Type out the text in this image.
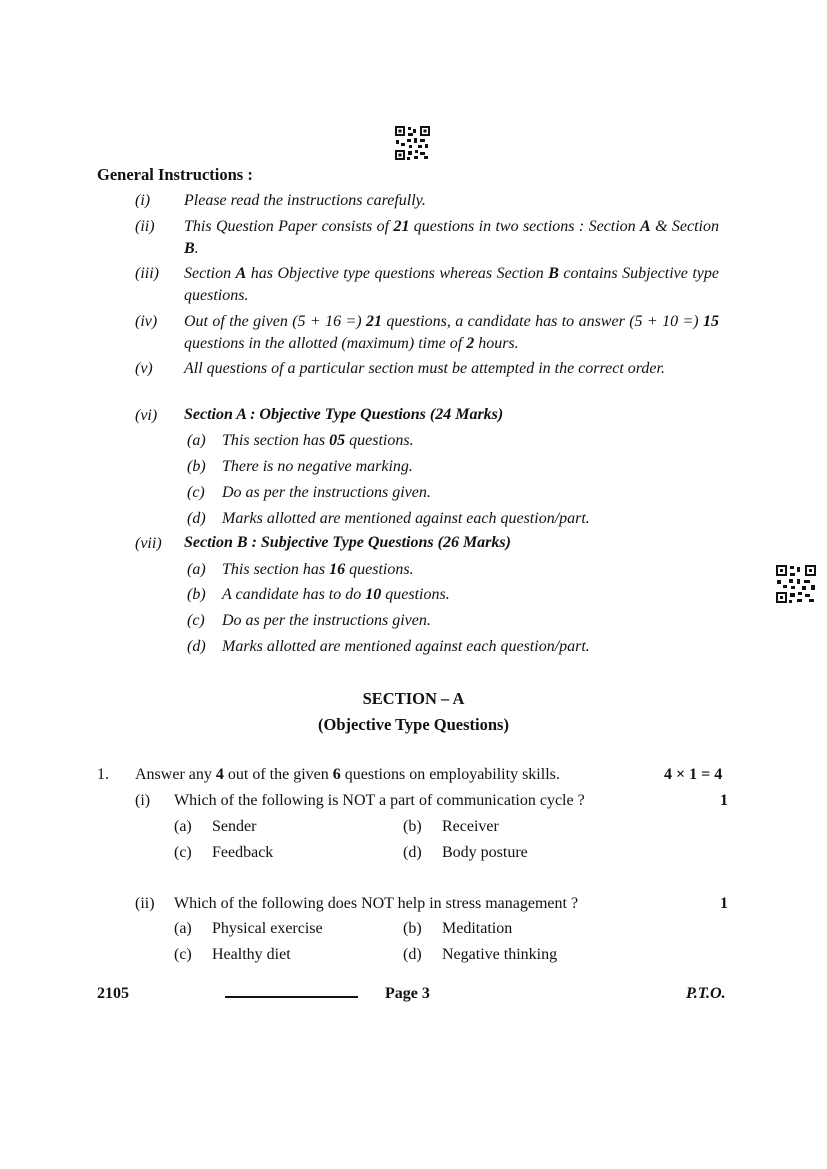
General Instructions :
(i) Please read the instructions carefully.
(ii) This Question Paper consists of 21 questions in two sections : Section A & Section B.
(iii) Section A has Objective type questions whereas Section B contains Subjective type questions.
(iv) Out of the given (5 + 16 =) 21 questions, a candidate has to answer (5 + 10 =) 15 questions in the allotted (maximum) time of 2 hours.
(v) All questions of a particular section must be attempted in the correct order.
(vi) Section A : Objective Type Questions (24 Marks)
(a) This section has 05 questions.
(b) There is no negative marking.
(c) Do as per the instructions given.
(d) Marks allotted are mentioned against each question/part.
(vii) Section B : Subjective Type Questions (26 Marks)
(a) This section has 16 questions.
(b) A candidate has to do 10 questions.
(c) Do as per the instructions given.
(d) Marks allotted are mentioned against each question/part.
SECTION – A
(Objective Type Questions)
1. Answer any 4 out of the given 6 questions on employability skills.	4 × 1 = 4
(i) Which of the following is NOT a part of communication cycle ?	1
(a) Sender	(b) Receiver
(c) Feedback	(d) Body posture
(ii) Which of the following does NOT help in stress management ?	1
(a) Physical exercise	(b) Meditation
(c) Healthy diet	(d) Negative thinking
2105	Page 3	P.T.O.
